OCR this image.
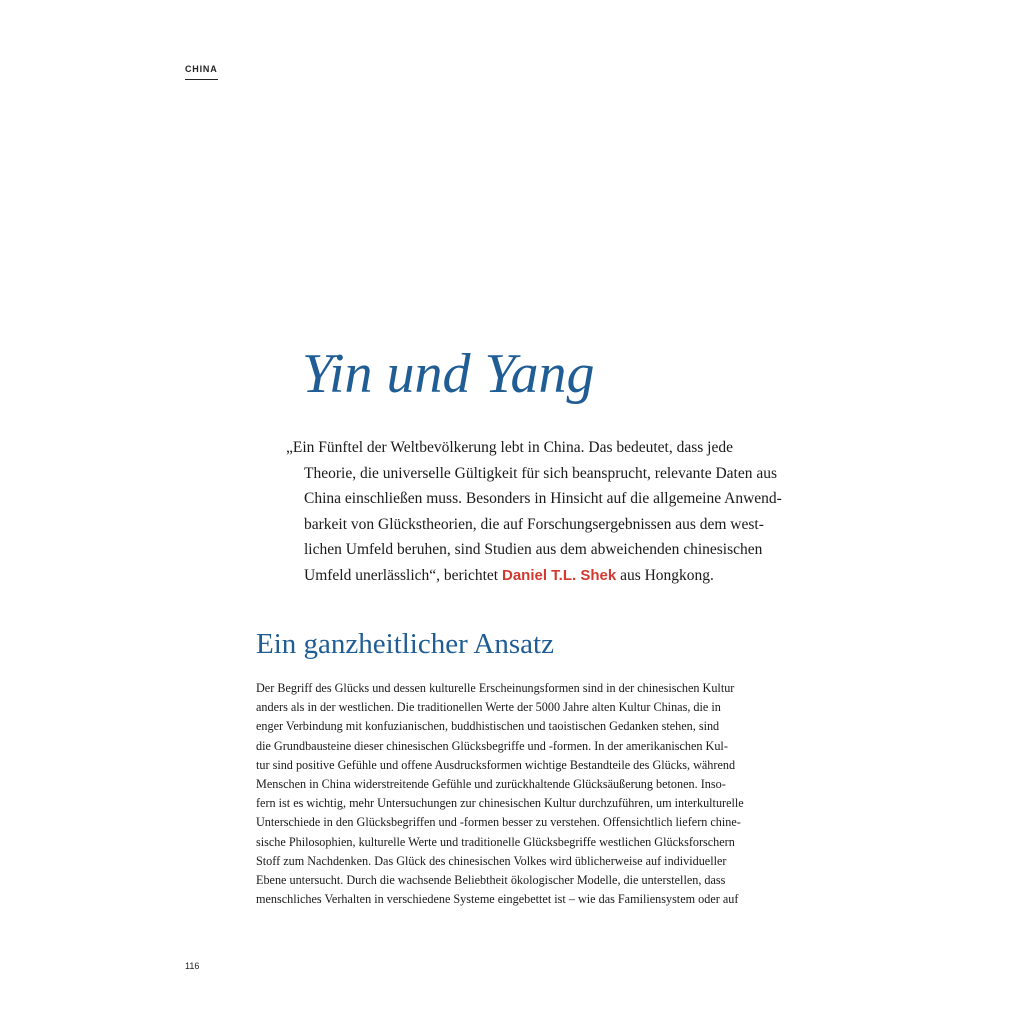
CHINA
Yin und Yang

„Ein Fünftel der Weltbevölkerung lebt in China. Das bedeutet, dass jede
Theorie, die universelle Gültigkeit für sich beansprucht, relevante Daten aus
China einschließen muss. Besonders in Hinsicht auf die allgemeine Anwend-
barkeit von Glückstheorien, die auf Forschungsergebnissen aus dem west-
lichen Umfeld beruhen, sind Studien aus dem abweichenden chinesischen
Umfeld unerlässlich“, berichtet Daniel T.L. Shek aus Hongkong.

Ein ganzheitlicher Ansatz

Der Begriff des Glücks und dessen kulturelle Erscheinungsformen sind in der chinesischen Kultur
anders als in der westlichen. Die traditionellen Werte der 5000 Jahre alten Kultur Chinas, die in
enger Verbindung mit konfuzianischen, buddhistischen und taoistischen Gedanken stehen, sind
die Grundbausteine dieser chinesischen Glücksbegriffe und -formen. In der amerikanischen Kul-
tur sind positive Gefühle und offene Ausdrucksformen wichtige Bestandteile des Glücks, während
Menschen in China widerstreitende Gefühle und zurückhaltende Glücksäußerung betonen. Inso-
fern ist es wichtig, mehr Untersuchungen zur chinesischen Kultur durchzuführen, um interkulturelle
Unterschiede in den Glücksbegriffen und -formen besser zu verstehen. Offensichtlich liefern chine-
sische Philosophien, kulturelle Werte und traditionelle Glücksbegriffe westlichen Glücksforschern
Stoff zum Nachdenken. Das Glück des chinesischen Volkes wird üblicherweise auf individueller
Ebene untersucht. Durch die wachsende Beliebtheit ökologischer Modelle, die unterstellen, dass
menschliches Verhalten in verschiedene Systeme eingebettet ist – wie das Familiensystem oder auf

116
